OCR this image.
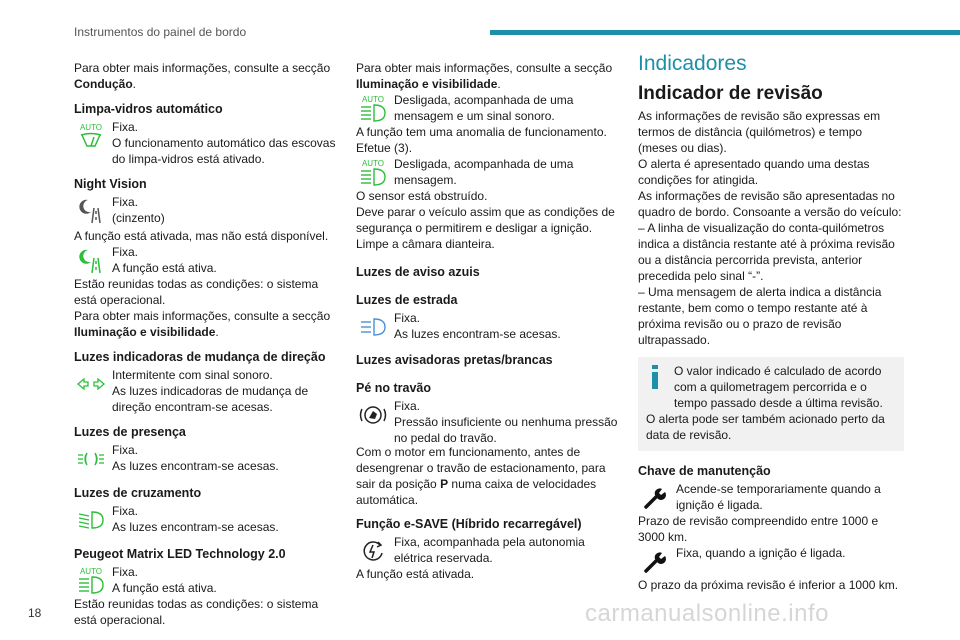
Instrumentos do painel de bordo

Para obter mais informações, consulte a secção
Condução.

Limpa-vidros automático
AUTO Fixa.

O funcionamento automático das escovas do limpa-vidros está ativado.

Night Vision

Fixa.

(cinzento)

A função está ativada, mas não está disponível.

Fixa.

A função está ativa.

Estão reunidas todas as condições: o sistema está operacional.

Para obter mais informações, consulte a secção
Iluminação e visibilidade.

Luzes indicadoras de mudança de direção

Intermitente com sinal sonoro.

As luzes indicadoras de mudança de direção encontram-se acesas.

Luzes de presença

Fixa.

As luzes encontram-se acesas.

Luzes de cruzamento

Fixa.

As luzes encontram-se acesas.

Peugeot Matrix LED Technology 2.0
AUTO Fixa.

A função está ativa.

Estão reunidas todas as condições: o sistema está operacional.

Para obter mais informações, consulte a secção
Iluminação e visibilidade.

AUTO Desligada, acompanhada de uma mensagem e um sinal sonoro.

A função tem uma anomalia de funcionamento.

Efetue (3).

AUTO Desligada, acompanhada de uma mensagem.

O sensor está obstruído.

Deve parar o veículo assim que as condições de segurança o permitirem e desligar a ignição.

Limpe a câmara dianteira.

Luzes de aviso azuis
Luzes de estrada

Fixa.

As luzes encontram-se acesas.

Luzes avisadoras pretas/brancas
Pé no travão

Fixa.

Pressão insuficiente ou nenhuma pressão no pedal do travão.

Com o motor em funcionamento, antes de desengrenar o travão de estacionamento, para sair da posição P numa caixa de velocidades automática.

Função e-SAVE (Híbrido recarregável)

Fixa, acompanhada pela autonomia elétrica reservada.

A função está ativada.

Indicadores
Indicador de revisão

As informações de revisão são expressas em termos de distância (quilómetros) e tempo (meses ou dias).

O alerta é apresentado quando uma destas condições for atingida.

As informações de revisão são apresentadas no quadro de bordo. Consoante a versão do veículo:

– A linha de visualização do conta-quilómetros indica a distância restante até à próxima revisão ou a distância percorrida prevista, anterior precedida pelo sinal “-”.

– Uma mensagem de alerta indica a distância restante, bem como o tempo restante até à próxima revisão ou o prazo de revisão ultrapassado.

O valor indicado é calculado de acordo com a quilometragem percorrida e o tempo passado desde a última revisão.

O alerta pode ser também acionado perto da data de revisão.

Chave de manutenção

Acende-se temporariamente quando a ignição é ligada.

Prazo de revisão compreendido entre 1000 e 3000 km.

Fixa, quando a ignição é ligada.

O prazo da próxima revisão é inferior a 1000 km.

18	carmanualsonline.info
